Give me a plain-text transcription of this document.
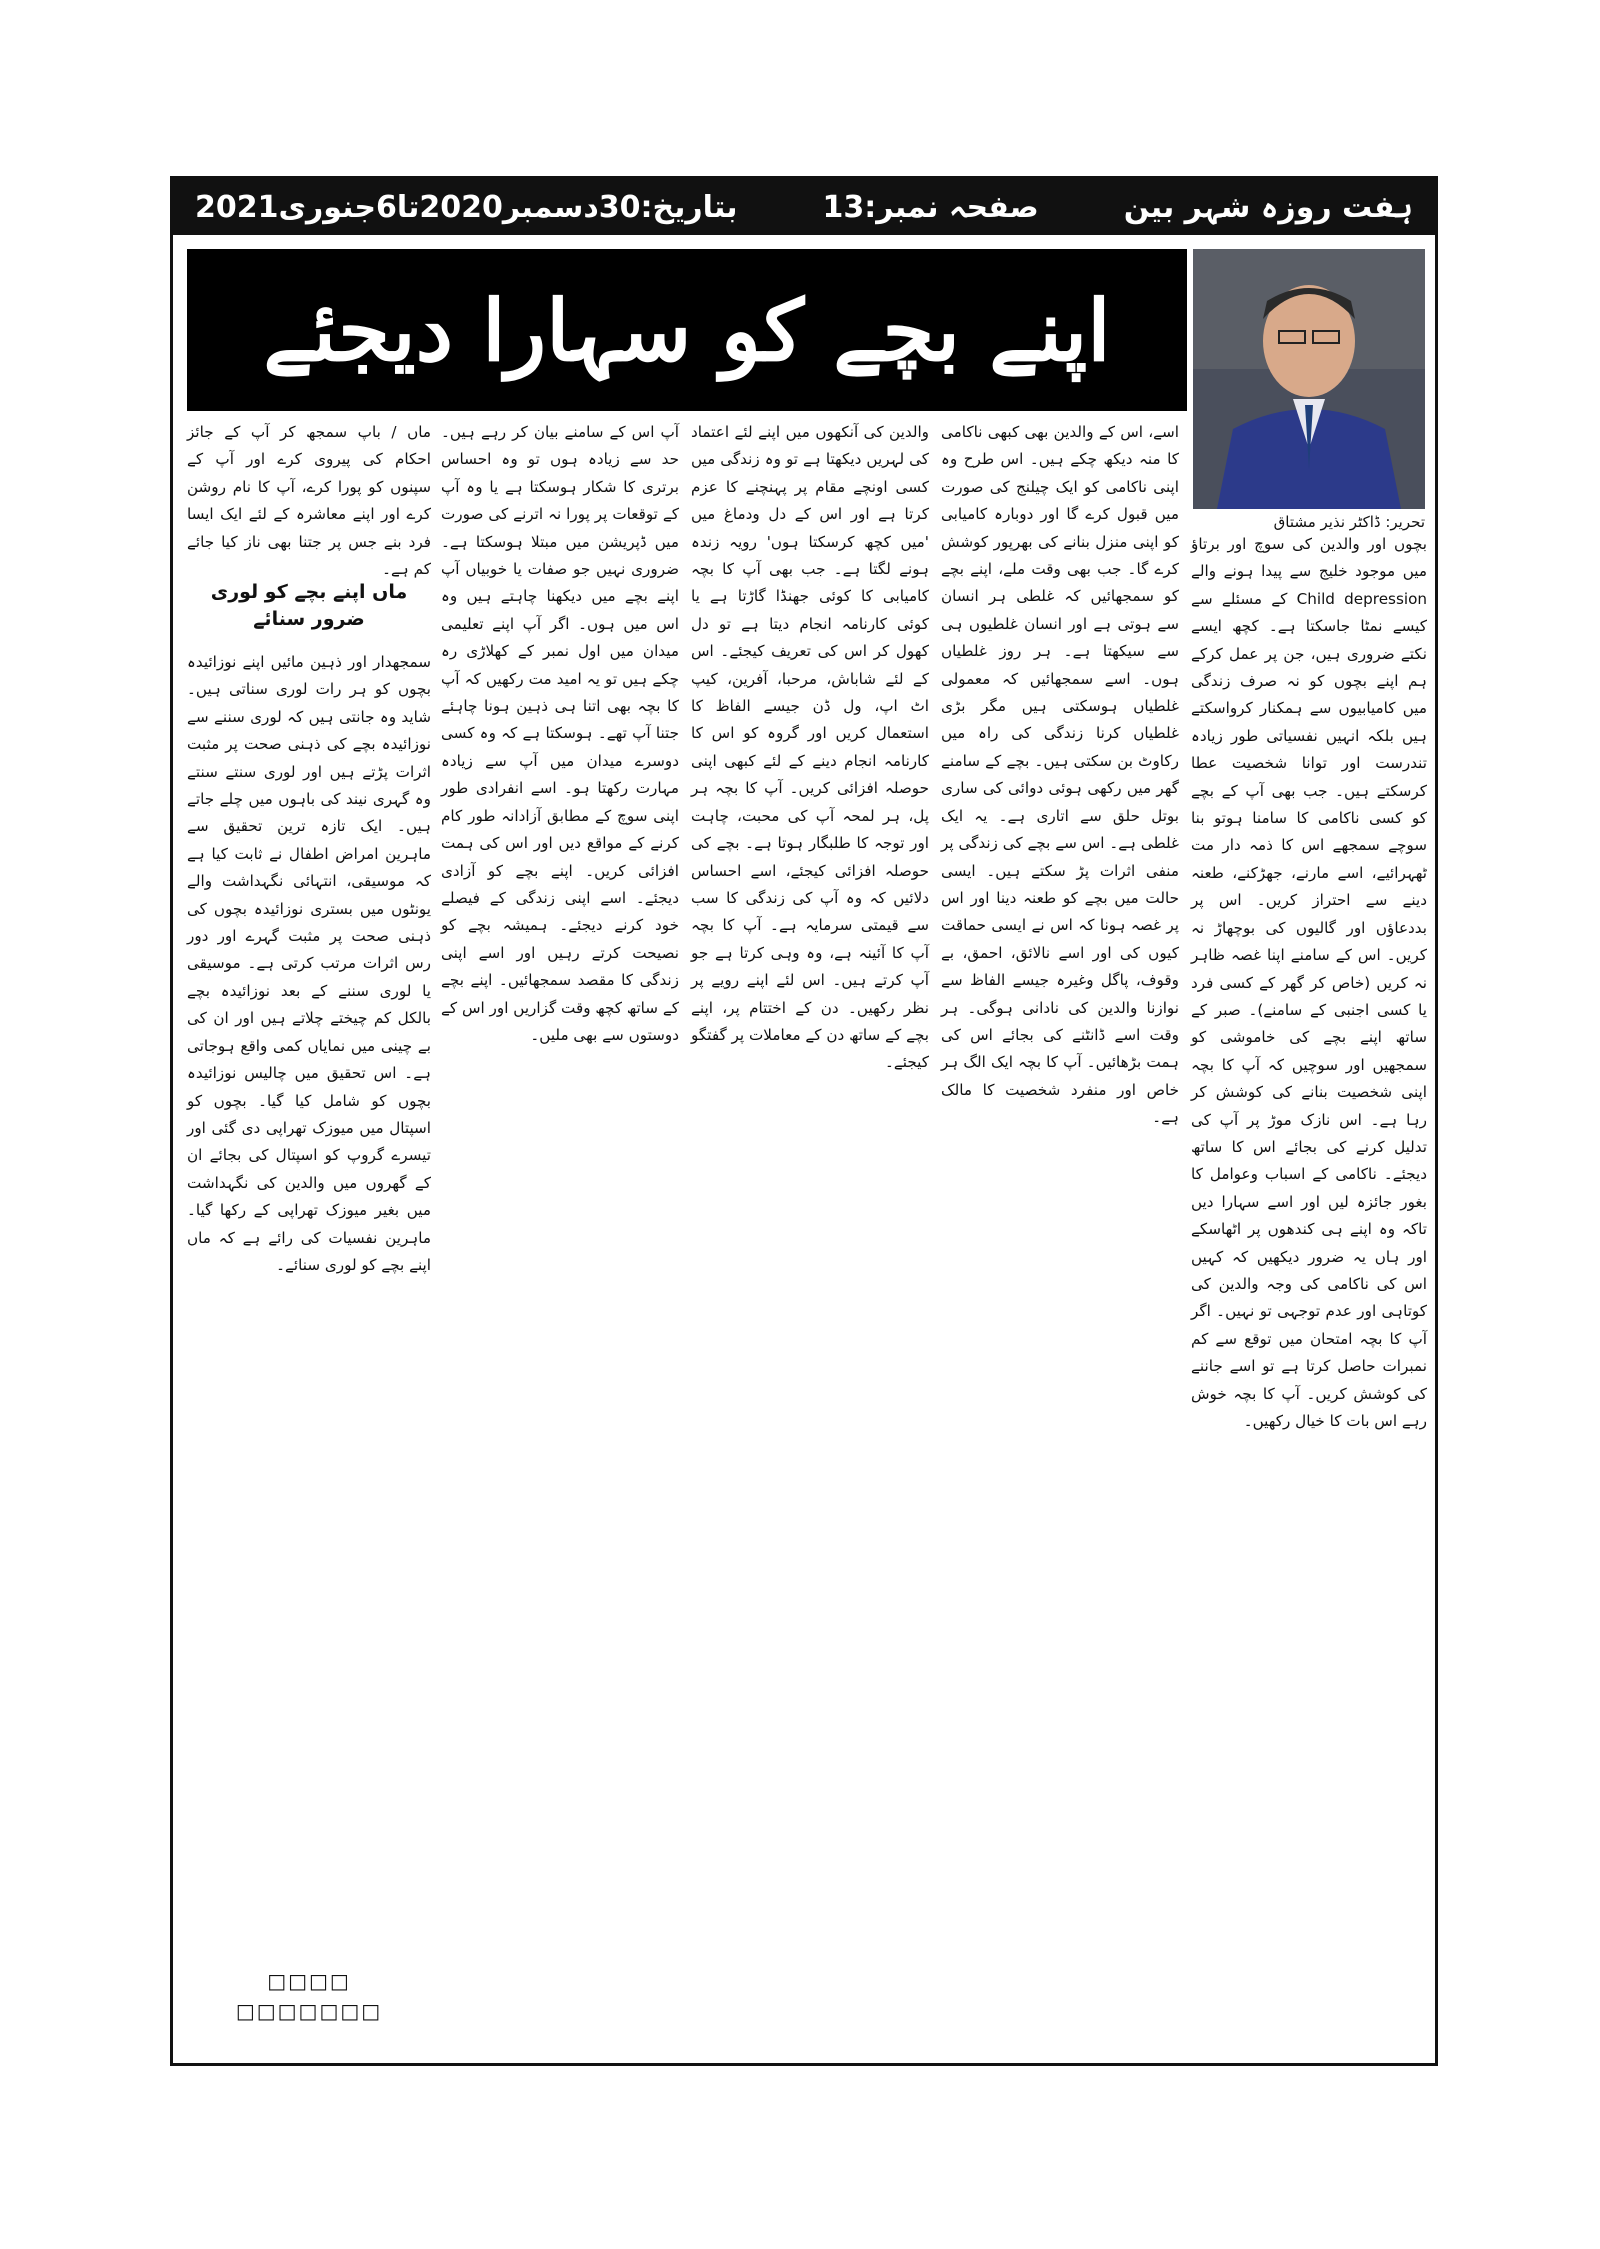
بتاریخ:30دسمبر2020تا6جنوری2021	صفحہ نمبر:13	ہفت روزہ شہر بین
اپنے بچے کو سہارا دیجئے
تحریر: ڈاکٹر نذیر مشتاق

بچوں اور والدین کی سوچ اور برتاؤ میں موجود خلیج سے پیدا ہونے والے Child depression کے مسئلے سے کیسے نمٹا جاسکتا ہے۔ کچھ ایسے نکتے ضروری ہیں، جن پر عمل کرکے ہم اپنے بچوں کو نہ صرف زندگی میں کامیابیوں سے ہمکنار کرواسکتے ہیں بلکہ انہیں نفسیاتی طور زیادہ تندرست اور توانا شخصیت عطا کرسکتے ہیں۔ جب بھی آپ کے بچے کو کسی ناکامی کا سامنا ہوتو بنا سوچے سمجھے اس کا ذمہ دار مت ٹھہرائیے، اسے مارنے، جھڑکنے، طعنہ دینے سے احتراز کریں۔ اس پر بددعاؤں اور گالیوں کی بوچھاڑ نہ کریں۔ اس کے سامنے اپنا غصہ ظاہر نہ کریں (خاص کر گھر کے کسی فرد یا کسی اجنبی کے سامنے)۔ صبر کے ساتھ اپنے بچے کی خاموشی کو سمجھیں اور سوچیں کہ آپ کا بچہ اپنی شخصیت بنانے کی کوشش کر رہا ہے۔ اس نازک موڑ پر آپ کی تدلیل کرنے کی بجائے اس کا ساتھ دیجئے۔ ناکامی کے اسباب وعوامل کا بغور جائزہ لیں اور اسے سہارا دیں تاکہ وہ اپنے ہی کندھوں پر اٹھاسکے اور ہاں یہ ضرور دیکھیں کہ کہیں اس کی ناکامی کی وجہ والدین کی کوتاہی اور عدم توجہی تو نہیں۔ اگر آپ کا بچہ امتحان میں توقع سے کم نمبرات حاصل کرتا ہے تو اسے جاننے کی کوشش کریں۔ آپ کا بچہ خوش رہے اس بات کا خیال رکھیں۔

اسے، اس کے والدین بھی کبھی ناکامی کا منہ دیکھ چکے ہیں۔ اس طرح وہ اپنی ناکامی کو ایک چیلنج کی صورت میں قبول کرے گا اور دوبارہ کامیابی کو اپنی منزل بنانے کی بھرپور کوشش کرے گا۔ جب بھی وقت ملے، اپنے بچے کو سمجھائیں کہ غلطی ہر انسان سے ہوتی ہے اور انسان غلطیوں ہی سے سیکھتا ہے۔ ہر روز غلطیاں ہوں۔ اسے سمجھائیں کہ معمولی غلطیاں ہوسکتی ہیں مگر بڑی غلطیاں کرنا زندگی کی راہ میں رکاوٹ بن سکتی ہیں۔ بچے کے سامنے گھر میں رکھی ہوئی دوائی کی ساری بوتل حلق سے اتاری ہے۔ یہ ایک غلطی ہے۔ اس سے بچے کی زندگی پر منفی اثرات پڑ سکتے ہیں۔ ایسی حالت میں بچے کو طعنہ دینا اور اس پر غصہ ہونا کہ اس نے ایسی حماقت کیوں کی اور اسے نالائق، احمق، بے وقوف، پاگل وغیرہ جیسے الفاظ سے نوازنا والدین کی نادانی ہوگی۔ ہر وقت اسے ڈانٹنے کی بجائے اس کی ہمت بڑھائیں۔ آپ کا بچہ ایک الگ ہر خاص اور منفرد شخصیت کا مالک ہے۔

والدین کی آنکھوں میں اپنے لئے اعتماد کی لہریں دیکھتا ہے تو وہ زندگی میں کسی اونچے مقام پر پہنچنے کا عزم کرتا ہے اور اس کے دل ودماغ میں 'میں کچھ کرسکتا ہوں' رویہ زندہ ہونے لگتا ہے۔ جب بھی آپ کا بچہ کامیابی کا کوئی جھنڈا گاڑتا ہے یا کوئی کارنامہ انجام دیتا ہے تو دل کھول کر اس کی تعریف کیجئے۔ اس کے لئے شاباش، مرحبا، آفرین، کیپ اٹ اپ، ول ڈن جیسے الفاظ کا استعمال کریں اور گروہ کو اس کا کارنامہ انجام دینے کے لئے کبھی اپنی حوصلہ افزائی کریں۔ آپ کا بچہ ہر پل، ہر لمحہ آپ کی محبت، چاہت اور توجہ کا طلبگار ہوتا ہے۔ بچے کی حوصلہ افزائی کیجئے، اسے احساس دلائیں کہ وہ آپ کی زندگی کا سب سے قیمتی سرمایہ ہے۔ آپ کا بچہ آپ کا آئینہ ہے، وہ وہی کرتا ہے جو آپ کرتے ہیں۔ اس لئے اپنے رویے پر نظر رکھیں۔ دن کے اختتام پر، اپنے بچے کے ساتھ دن کے معاملات پر گفتگو کیجئے۔

آپ اس کے سامنے بیان کر رہے ہیں۔ حد سے زیادہ ہوں تو وہ احساس برتری کا شکار ہوسکتا ہے یا وہ آپ کے توقعات پر پورا نہ اترنے کی صورت میں ڈپریشن میں مبتلا ہوسکتا ہے۔ ضروری نہیں جو صفات یا خوبیاں آپ اپنے بچے میں دیکھنا چاہتے ہیں وہ اس میں ہوں۔ اگر آپ اپنے تعلیمی میدان میں اول نمبر کے کھلاڑی رہ چکے ہیں تو یہ امید مت رکھیں کہ آپ کا بچہ بھی اتنا ہی ذہین ہونا چاہئے جتنا آپ تھے۔ ہوسکتا ہے کہ وہ کسی دوسرے میدان میں آپ سے زیادہ مہارت رکھتا ہو۔ اسے انفرادی طور اپنی سوچ کے مطابق آزادانہ طور کام کرنے کے مواقع دیں اور اس کی ہمت افزائی کریں۔ اپنے بچے کو آزادی دیجئے۔ اسے اپنی زندگی کے فیصلے خود کرنے دیجئے۔ ہمیشہ بچے کو نصیحت کرتے رہیں اور اسے اپنی زندگی کا مقصد سمجھائیں۔ اپنے بچے کے ساتھ کچھ وقت گزاریں اور اس کے دوستوں سے بھی ملیں۔

ماں / باپ سمجھ کر آپ کے جائز احکام کی پیروی کرے اور آپ کے سپنوں کو پورا کرے، آپ کا نام روشن کرے اور اپنے معاشرہ کے لئے ایک ایسا فرد بنے جس پر جتنا بھی ناز کیا جائے کم ہے۔

ماں اپنے بچے کو لوری ضرور سنائے

سمجھدار اور ذہین مائیں اپنے نوزائیدہ بچوں کو ہر رات لوری سناتی ہیں۔ شاید وہ جانتی ہیں کہ لوری سننے سے نوزائیدہ بچے کی ذہنی صحت پر مثبت اثرات پڑتے ہیں اور لوری سنتے سنتے وہ گہری نیند کی باہوں میں چلے جاتے ہیں۔ ایک تازہ ترین تحقیق سے ماہرین امراض اطفال نے ثابت کیا ہے کہ موسیقی، انتہائی نگہداشت والے یونٹوں میں بستری نوزائیدہ بچوں کی ذہنی صحت پر مثبت گہرے اور دور رس اثرات مرتب کرتی ہے۔ موسیقی یا لوری سننے کے بعد نوزائیدہ بچے بالکل کم چیختے چلاتے ہیں اور ان کی بے چینی میں نمایاں کمی واقع ہوجاتی ہے۔ اس تحقیق میں چالیس نوزائیدہ بچوں کو شامل کیا گیا۔ بچوں کو اسپتال میں میوزک تھراپی دی گئی اور تیسرے گروپ کو اسپتال کی بجائے ان کے گھروں میں والدین کی نگہداشت میں بغیر میوزک تھراپی کے رکھا گیا۔ ماہرین نفسیات کی رائے ہے کہ ماں اپنے بچے کو لوری سنائے۔

□□□□
□□□□□□□
